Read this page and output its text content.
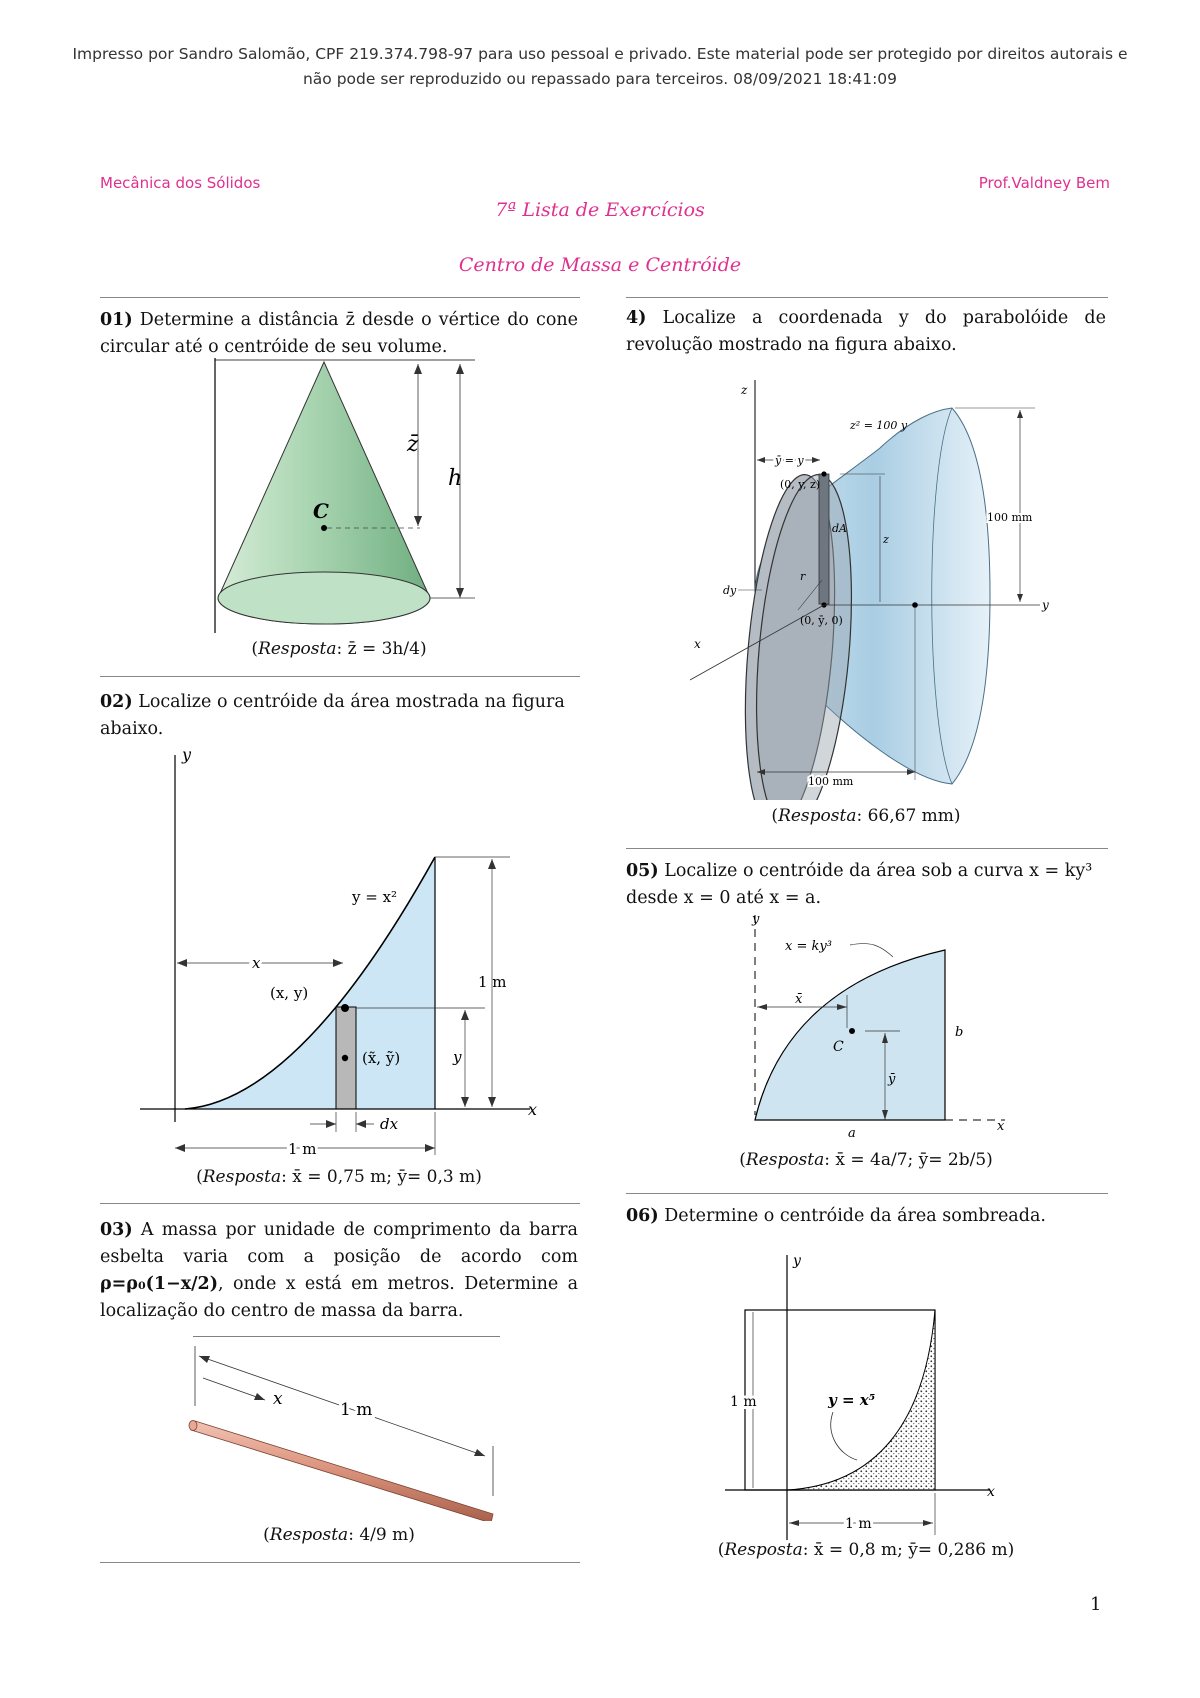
Impresso por Sandro Salomão, CPF 219.374.798-97 para uso pessoal e privado. Este material pode ser protegido por direitos autorais e
não pode ser reproduzido ou repassado para terceiros. 08/09/2021 18:41:09
Mecânica dos Sólidos	Prof.Valdney Bem
7ª Lista de Exercícios
Centro de Massa e Centróide
01) Determine a distância z̄ desde o vértice do cone circular até o centróide de seu volume.
z̄
h
C
(Resposta: z̄ = 3h/4)
02) Localize o centróide da área mostrada na figura abaixo.
y
x
y = x²
(x, y)
(x̃, ỹ)
1 m
y
dx
1 m
x
(Resposta: x̄ = 0,75 m; ȳ= 0,3 m)
03) A massa por unidade de comprimento da barra esbelta varia com a posição de acordo com ρ=ρ₀(1−x/2), onde x está em metros. Determine a localização do centro de massa da barra.
x
1 m
(Resposta: 4/9 m)
4) Localize a coordenada y do parabolóide de revolução mostrado na figura abaixo.
z
z² = 100 y
ȳ = y
(0, y, z)
dA
z
100 mm
dy
r
(0, ȳ, 0)
y
x
100 mm
(Resposta: 66,67 mm)
05) Localize o centróide da área sob a curva x = ky³ desde x = 0 até x = a.
y
x = ky³
x̄
C
b
ȳ
a	x
(Resposta: x̄ = 4a/7; ȳ= 2b/5)
06) Determine o centróide da área sombreada.
y
1 m	y = x⁵
x
1 m
(Resposta: x̄ = 0,8 m; ȳ= 0,286 m)
1
